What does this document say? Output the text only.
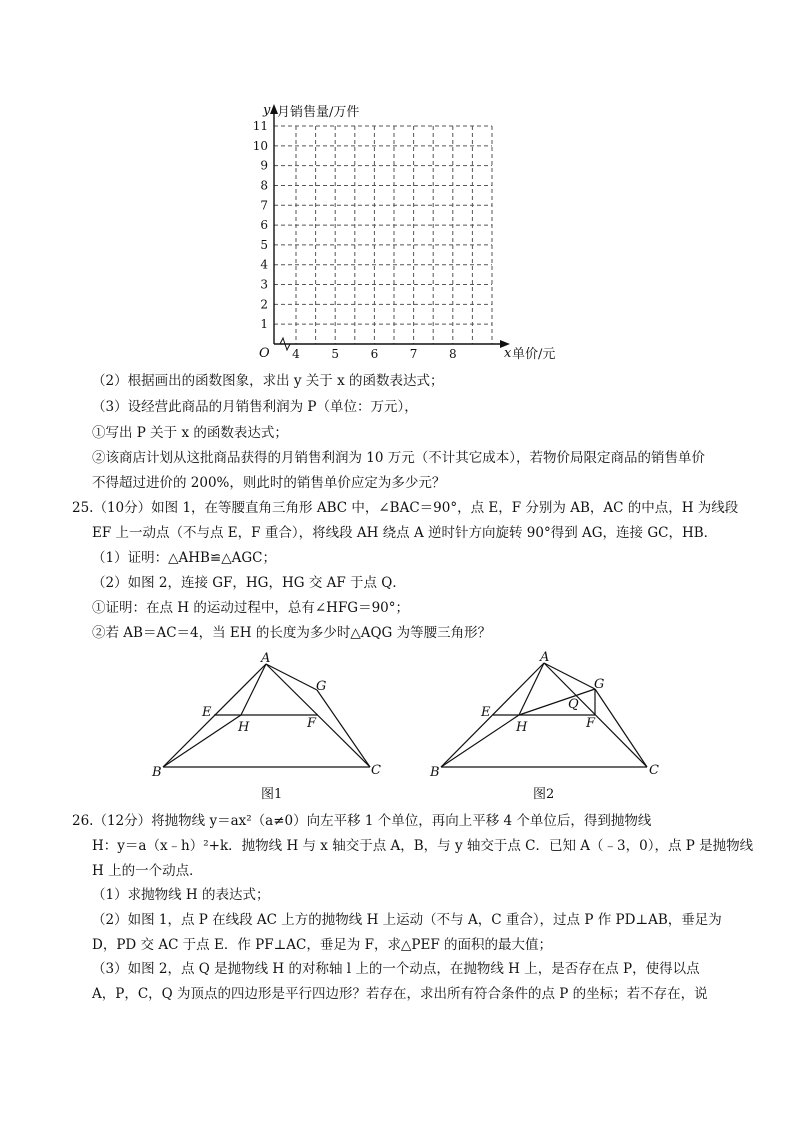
1
2
3
4
5
6
7
8
9
10
11
4	5	6	7	8
y 月销售量/万件
O	x 单价/元
（2）根据画出的函数图象，求出 y 关于 x 的函数表达式；
（3）设经营此商品的月销售利润为 P（单位：万元），
①写出 P 关于 x 的函数表达式；
②该商店计划从这批商品获得的月销售利润为 10 万元（不计其它成本），若物价局限定商品的销售单价
不得超过进价的 200%，则此时的销售单价应定为多少元？
25.（10分）如图 1，在等腰直角三角形 ABC 中，∠BAC＝90°，点 E，F 分别为 AB，AC 的中点，H 为线段
EF 上一动点（不与点 E，F 重合），将线段 AH 绕点 A 逆时针方向旋转 90°得到 AG，连接 GC，HB．
（1）证明：△AHB≌△AGC；
（2）如图 2，连接 GF，HG，HG 交 AF 于点 Q．
①证明：在点 H 的运动过程中，总有∠HFG＝90°；
②若 AB＝AC＝4，当 EH 的长度为多少时△AQG 为等腰三角形？
A
G
E
H	F
B	C
图1
A
G
Q
E
H	F
B	C
图2
26.（12分）将抛物线 y＝ax²（a≠0）向左平移 1 个单位，再向上平移 4 个单位后，得到抛物线
H：y＝a（x﹣h）²+k．抛物线 H 与 x 轴交于点 A，B，与 y 轴交于点 C．已知 A（﹣3，0），点 P 是抛物线
H 上的一个动点．
（1）求抛物线 H 的表达式；
（2）如图 1，点 P 在线段 AC 上方的抛物线 H 上运动（不与 A，C 重合），过点 P 作 PD⊥AB，垂足为
D，PD 交 AC 于点 E．作 PF⊥AC，垂足为 F，求△PEF 的面积的最大值；
（3）如图 2，点 Q 是抛物线 H 的对称轴 l 上的一个动点，在抛物线 H 上，是否存在点 P，使得以点
A，P，C，Q 为顶点的四边形是平行四边形？若存在，求出所有符合条件的点 P 的坐标；若不存在，说
